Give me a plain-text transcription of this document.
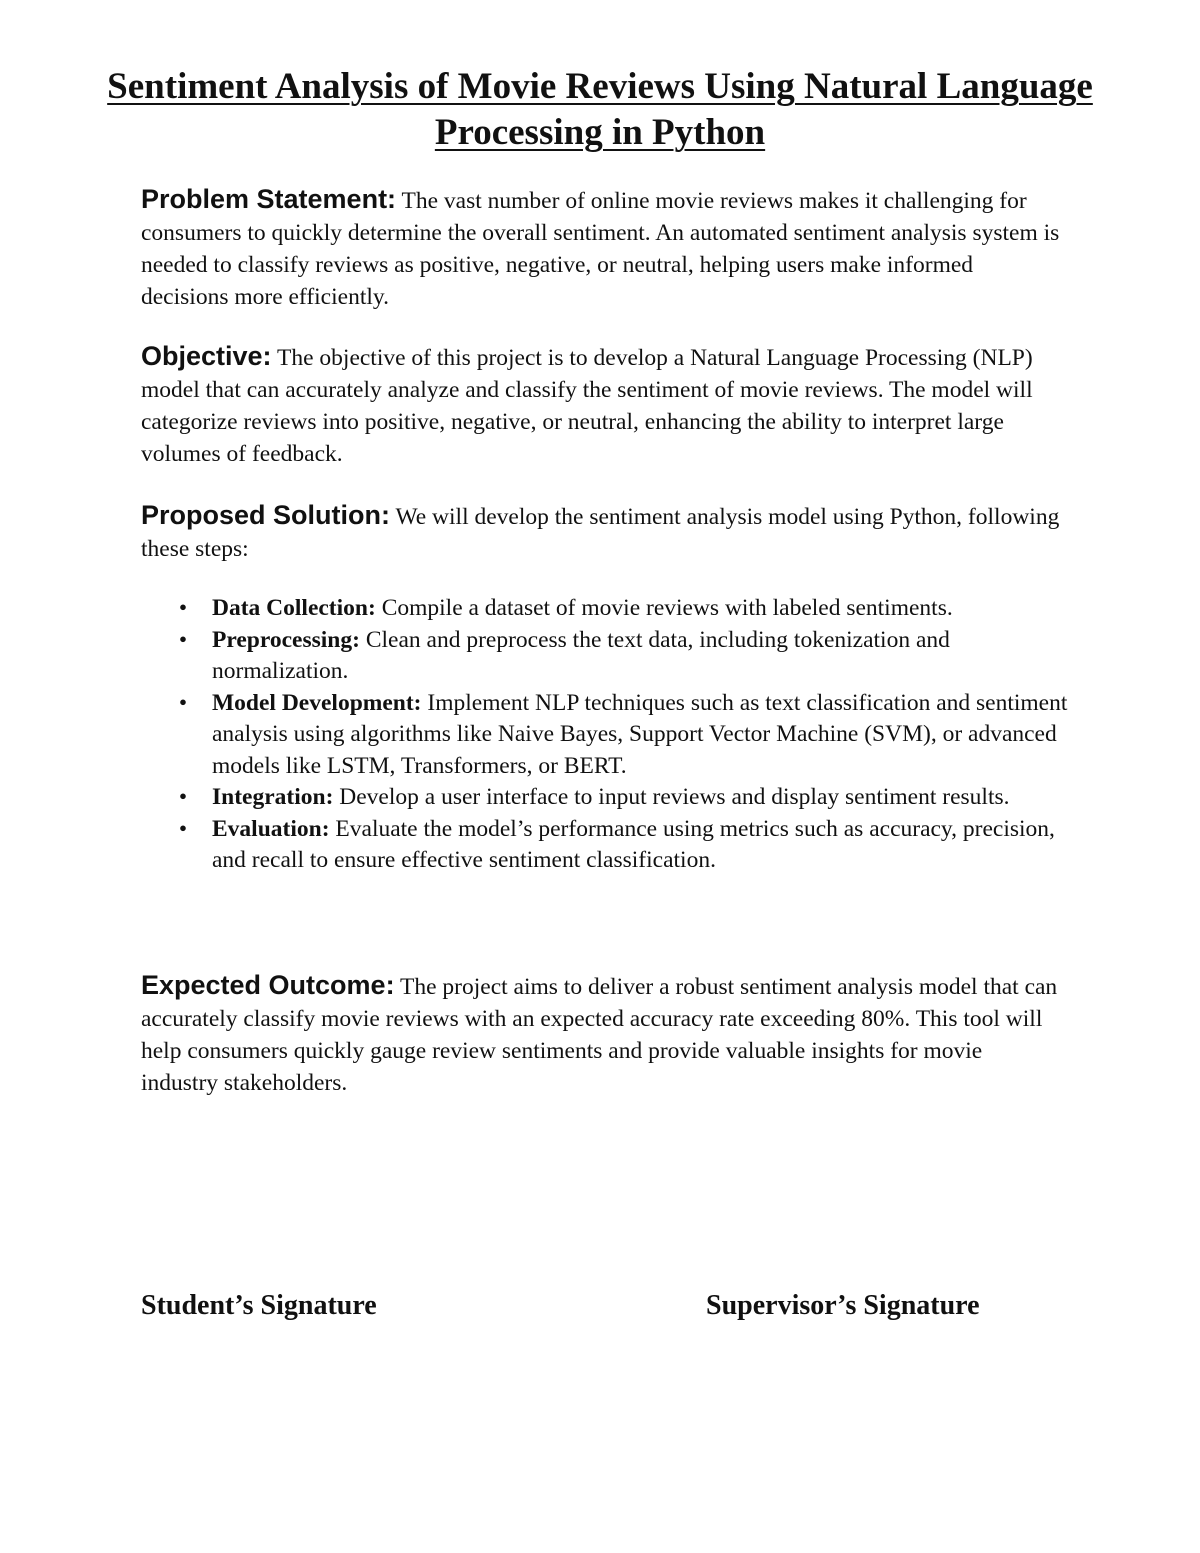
Sentiment Analysis of Movie Reviews Using Natural Language Processing in Python

Problem Statement: The vast number of online movie reviews makes it challenging for consumers to quickly determine the overall sentiment. An automated sentiment analysis system is needed to classify reviews as positive, negative, or neutral, helping users make informed decisions more efficiently.

Objective: The objective of this project is to develop a Natural Language Processing (NLP) model that can accurately analyze and classify the sentiment of movie reviews. The model will categorize reviews into positive, negative, or neutral, enhancing the ability to interpret large volumes of feedback.

Proposed Solution: We will develop the sentiment analysis model using Python, following these steps:

• Data Collection: Compile a dataset of movie reviews with labeled sentiments.
• Preprocessing: Clean and preprocess the text data, including tokenization and normalization.
• Model Development: Implement NLP techniques such as text classification and sentiment analysis using algorithms like Naive Bayes, Support Vector Machine (SVM), or advanced models like LSTM, Transformers, or BERT.
• Integration: Develop a user interface to input reviews and display sentiment results.
• Evaluation: Evaluate the model’s performance using metrics such as accuracy, precision, and recall to ensure effective sentiment classification.

Expected Outcome: The project aims to deliver a robust sentiment analysis model that can accurately classify movie reviews with an expected accuracy rate exceeding 80%. This tool will help consumers quickly gauge review sentiments and provide valuable insights for movie industry stakeholders.

Student’s Signature	Supervisor’s Signature
